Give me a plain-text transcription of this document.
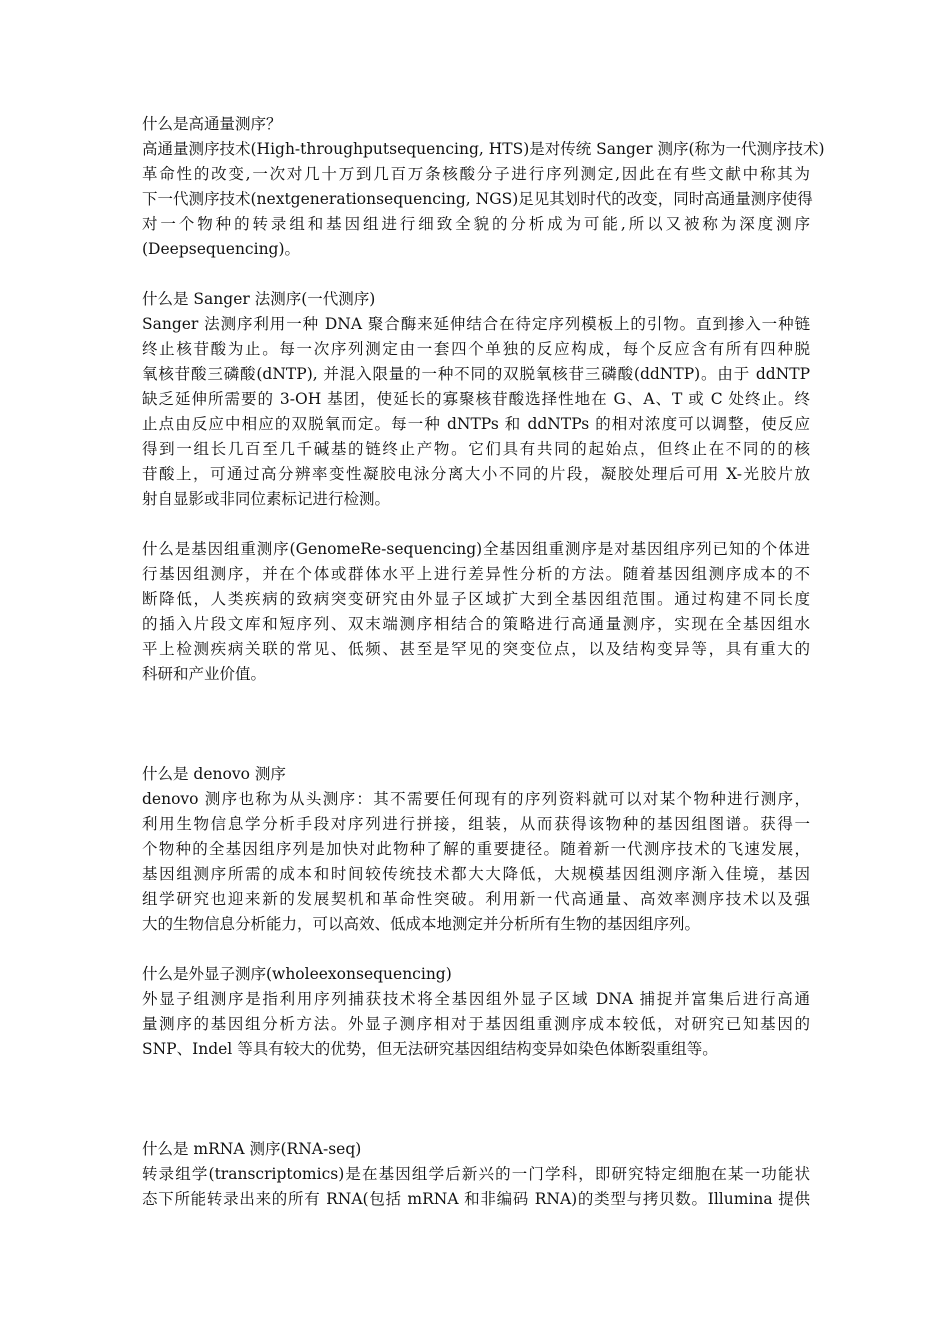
什么是高通量测序？
高通量测序技术(High-throughputsequencing, HTS)是对传统 Sanger 测序(称为一代测序技术)
革命性的改变,一次对几十万到几百万条核酸分子进行序列测定,因此在有些文献中称其为
下一代测序技术(nextgenerationsequencing, NGS)足见其划时代的改变，同时高通量测序使得
对一个物种的转录组和基因组进行细致全貌的分析成为可能,所以又被称为深度测序
(Deepsequencing)。
什么是 Sanger 法测序(一代测序)
Sanger 法测序利用一种 DNA 聚合酶来延伸结合在待定序列模板上的引物。直到掺入一种链
终止核苷酸为止。每一次序列测定由一套四个单独的反应构成，每个反应含有所有四种脱
氧核苷酸三磷酸(dNTP), 并混入限量的一种不同的双脱氧核苷三磷酸(ddNTP)。由于 ddNTP
缺乏延伸所需要的 3-OH 基团，使延长的寡聚核苷酸选择性地在 G、A、T 或 C 处终止。终
止点由反应中相应的双脱氧而定。每一种 dNTPs 和 ddNTPs 的相对浓度可以调整，使反应
得到一组长几百至几千碱基的链终止产物。它们具有共同的起始点，但终止在不同的的核
苷酸上，可通过高分辨率变性凝胶电泳分离大小不同的片段，凝胶处理后可用 X-光胶片放
射自显影或非同位素标记进行检测。
什么是基因组重测序(GenomeRe-sequencing)全基因组重测序是对基因组序列已知的个体进
行基因组测序，并在个体或群体水平上进行差异性分析的方法。随着基因组测序成本的不
断降低，人类疾病的致病突变研究由外显子区域扩大到全基因组范围。通过构建不同长度
的插入片段文库和短序列、双末端测序相结合的策略进行高通量测序，实现在全基因组水
平上检测疾病关联的常见、低频、甚至是罕见的突变位点，以及结构变异等，具有重大的
科研和产业价值。
什么是 denovo 测序
denovo 测序也称为从头测序：其不需要任何现有的序列资料就可以对某个物种进行测序，
利用生物信息学分析手段对序列进行拼接，组装，从而获得该物种的基因组图谱。获得一
个物种的全基因组序列是加快对此物种了解的重要捷径。随着新一代测序技术的飞速发展，
基因组测序所需的成本和时间较传统技术都大大降低，大规模基因组测序渐入佳境，基因
组学研究也迎来新的发展契机和革命性突破。利用新一代高通量、高效率测序技术以及强
大的生物信息分析能力，可以高效、低成本地测定并分析所有生物的基因组序列。
什么是外显子测序(wholeexonsequencing)
外显子组测序是指利用序列捕获技术将全基因组外显子区域 DNA 捕捉并富集后进行高通
量测序的基因组分析方法。外显子测序相对于基因组重测序成本较低，对研究已知基因的
SNP、Indel 等具有较大的优势，但无法研究基因组结构变异如染色体断裂重组等。
什么是 mRNA 测序(RNA-seq)
转录组学(transcriptomics)是在基因组学后新兴的一门学科，即研究特定细胞在某一功能状
态下所能转录出来的所有 RNA(包括 mRNA 和非编码 RNA)的类型与拷贝数。Illumina 提供
